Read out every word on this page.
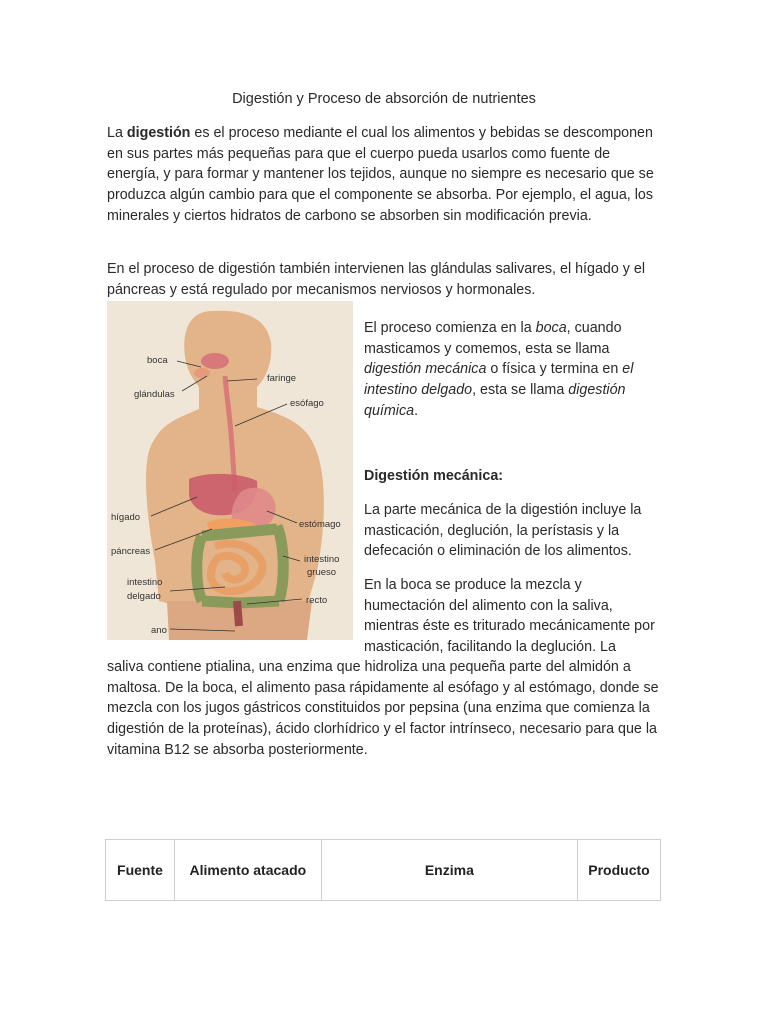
Digestión y Proceso de absorción de nutrientes
La digestión es el proceso mediante el cual los alimentos y bebidas se descomponen en sus partes más pequeñas para que el cuerpo pueda usarlos como fuente de energía, y para formar y mantener los tejidos, aunque no siempre es necesario que se produzca algún cambio para que el componente se absorba. Por ejemplo, el agua, los minerales y ciertos hidratos de carbono se absorben sin modificación previa.
En el proceso de digestión también intervienen las glándulas salivares, el hígado y el páncreas y está regulado por mecanismos nerviosos y hormonales.
boca
glándulas
faringe
esófago
hígado
estómago
páncreas
intestino
grueso
intestino
delgado	recto
ano
El proceso comienza en la boca, cuando masticamos y comemos, esta se llama digestión mecánica o física y termina en el intestino delgado, esta se llama digestión química.
Digestión mecánica:
La parte mecánica de la digestión incluye la masticación, deglución, la perístasis y la defecación o eliminación de los alimentos.
En la boca se produce la mezcla y humectación del alimento con la saliva, mientras éste es triturado mecánicamente por masticación, facilitando la deglución. La
saliva contiene ptialina, una enzima que hidroliza una pequeña parte del almidón a maltosa. De la boca, el alimento pasa rápidamente al esófago y al estómago, donde se mezcla con los jugos gástricos constituidos por pepsina (una enzima que comienza la digestión de la proteínas), ácido clorhídrico y el factor intrínseco, necesario para que la vitamina B12 se absorba posteriormente.
Fuente	Alimento atacado	Enzima	Producto
